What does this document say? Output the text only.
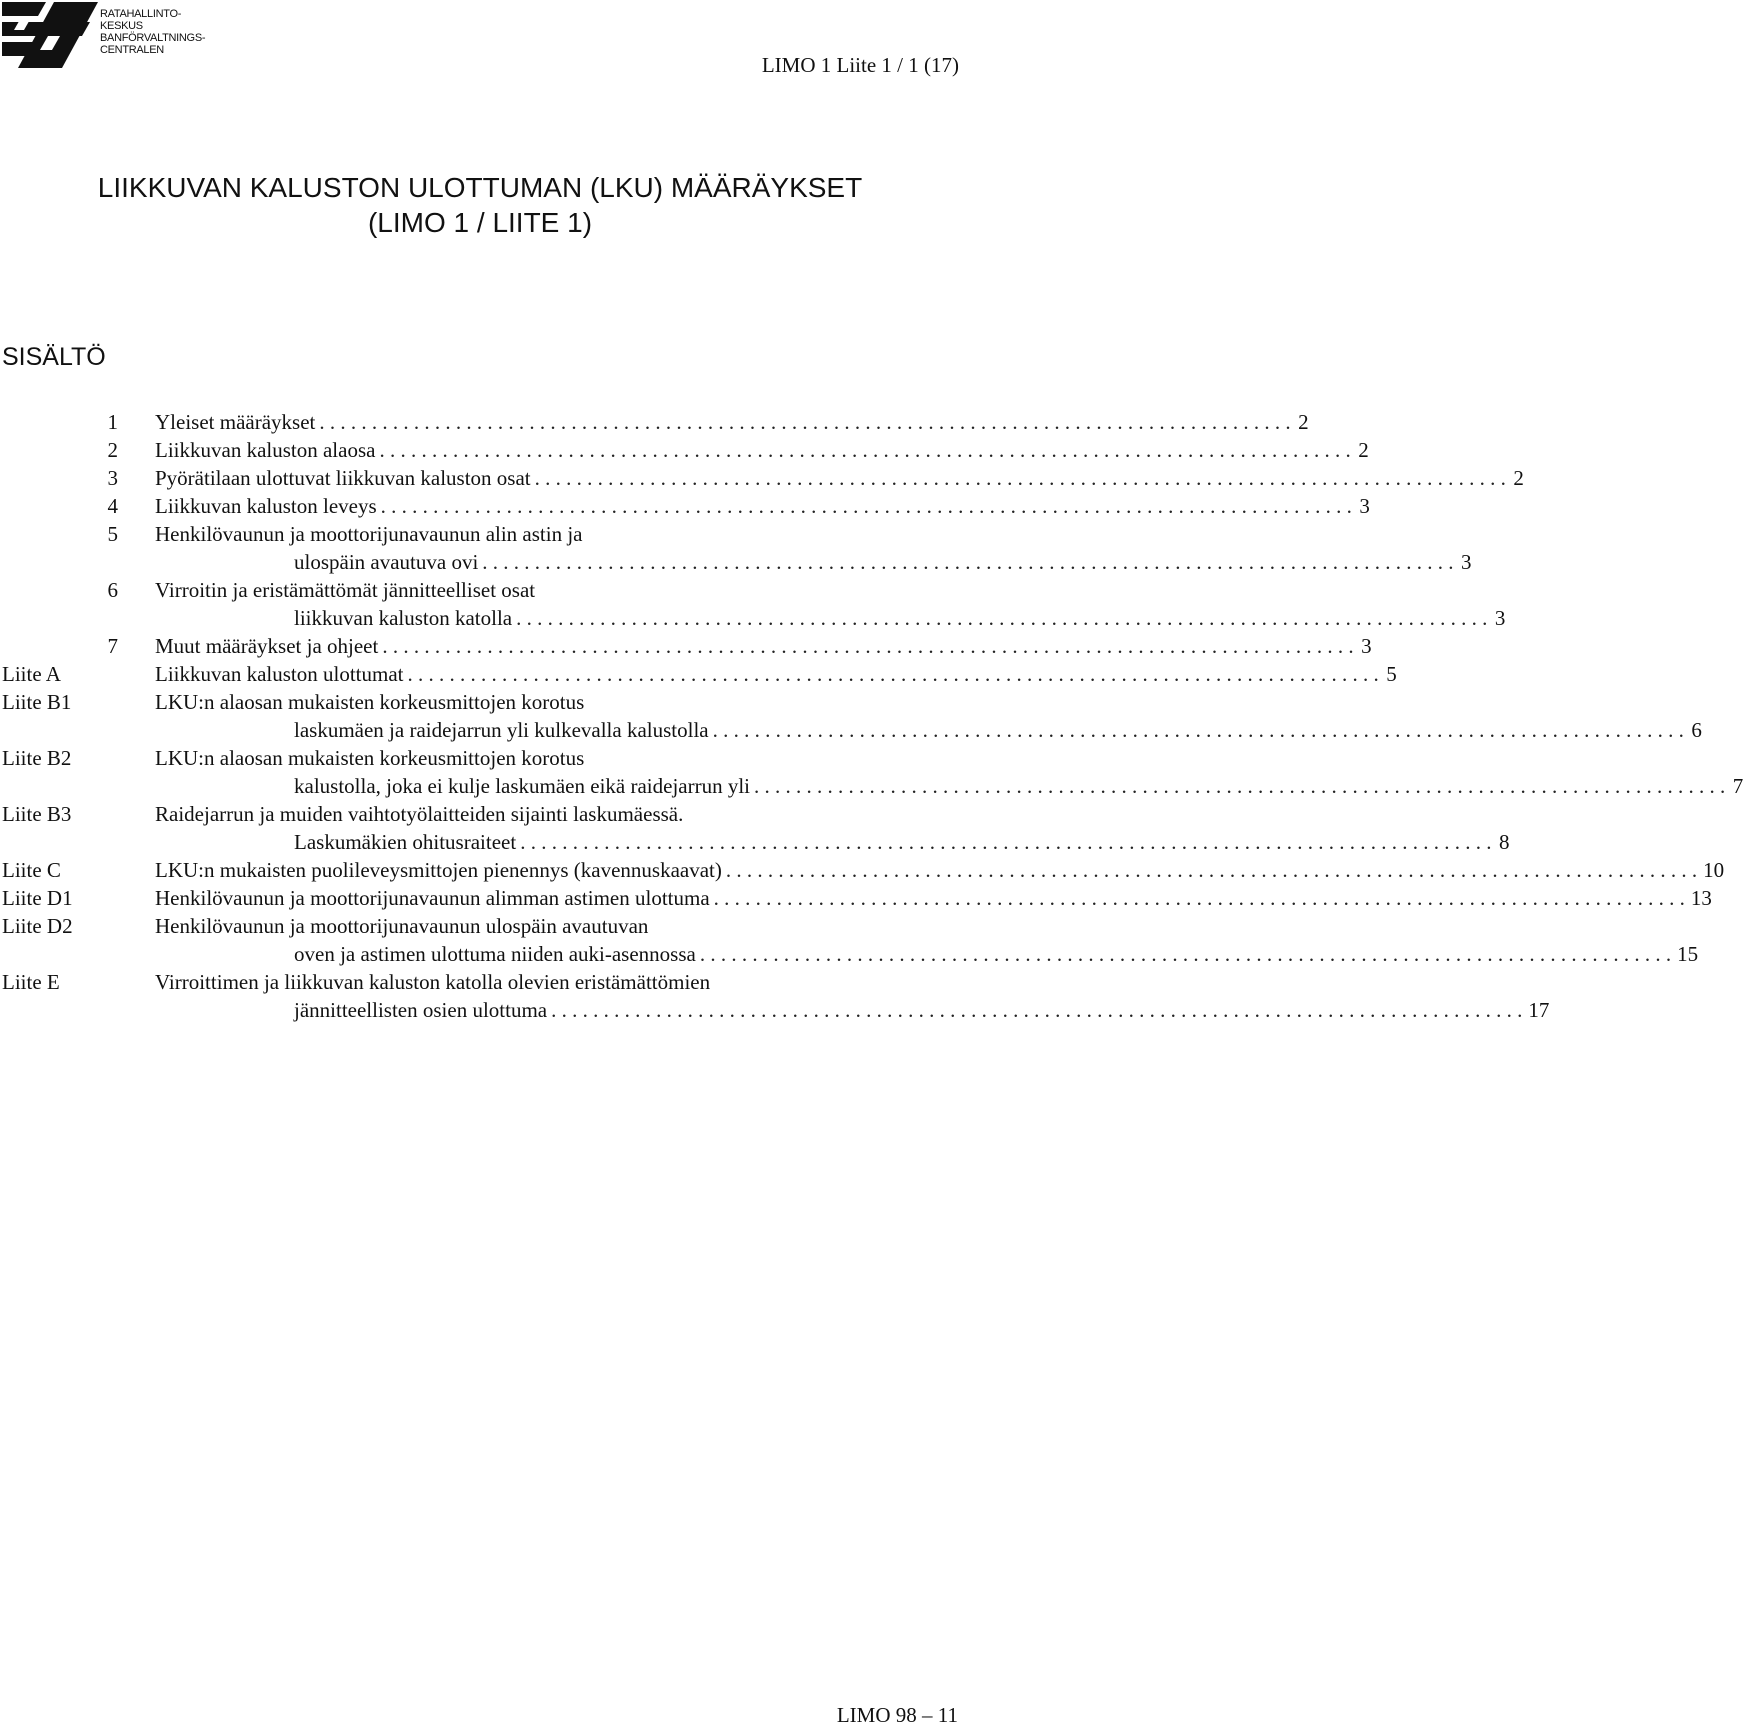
RATAHALLINTO-
KESKUS
BANFÖRVALTNINGS-
CENTRALEN
LIMO 1 Liite 1 / 1 (17)
LIIKKUVAN KALUSTON ULOTTUMAN (LKU) MÄÄRÄYKSET
(LIMO 1 / LIITE 1)
SISÄLTÖ
1 Yleiset määräykset . . .	2
2 Liikkuvan kaluston alaosa . . .	2
3 Pyörätilaan ulottuvat liikkuvan kaluston osat . . .	2
4 Liikkuvan kaluston leveys . . .	3
5 Henkilövaunun ja moottorijunavaunun alin astin ja
ulospäin avautuva ovi . . .	3
6 Virroitin ja eristämättömät jännitteelliset osat
liikkuvan kaluston katolla . . .	3
7 Muut määräykset ja ohjeet . . .	3
Liite A	Liikkuvan kaluston ulottumat . . .	5
Liite B1	LKU:n alaosan mukaisten korkeusmittojen korotus
laskumäen ja raidejarrun yli kulkevalla kalustolla . . .	6
Liite B2	LKU:n alaosan mukaisten korkeusmittojen korotus
kalustolla, joka ei kulje laskumäen eikä raidejarrun yli . . .	7
Liite B3	Raidejarrun ja muiden vaihtotyölaitteiden sijainti laskumäessä.
Laskumäkien ohitusraiteet . . .	8
Liite C	LKU:n mukaisten puolileveysmittojen pienennys (kavennuskaavat) . . .	10
Liite D1	Henkilövaunun ja moottorijunavaunun alimman astimen ulottuma . . .	13
Liite D2	Henkilövaunun ja moottorijunavaunun ulospäin avautuvan
oven ja astimen ulottuma niiden auki-asennossa . . .	15
Liite E	Virroittimen ja liikkuvan kaluston katolla olevien eristämättömien
jännitteellisten osien ulottuma . . .	17
LIMO 98 – 11
